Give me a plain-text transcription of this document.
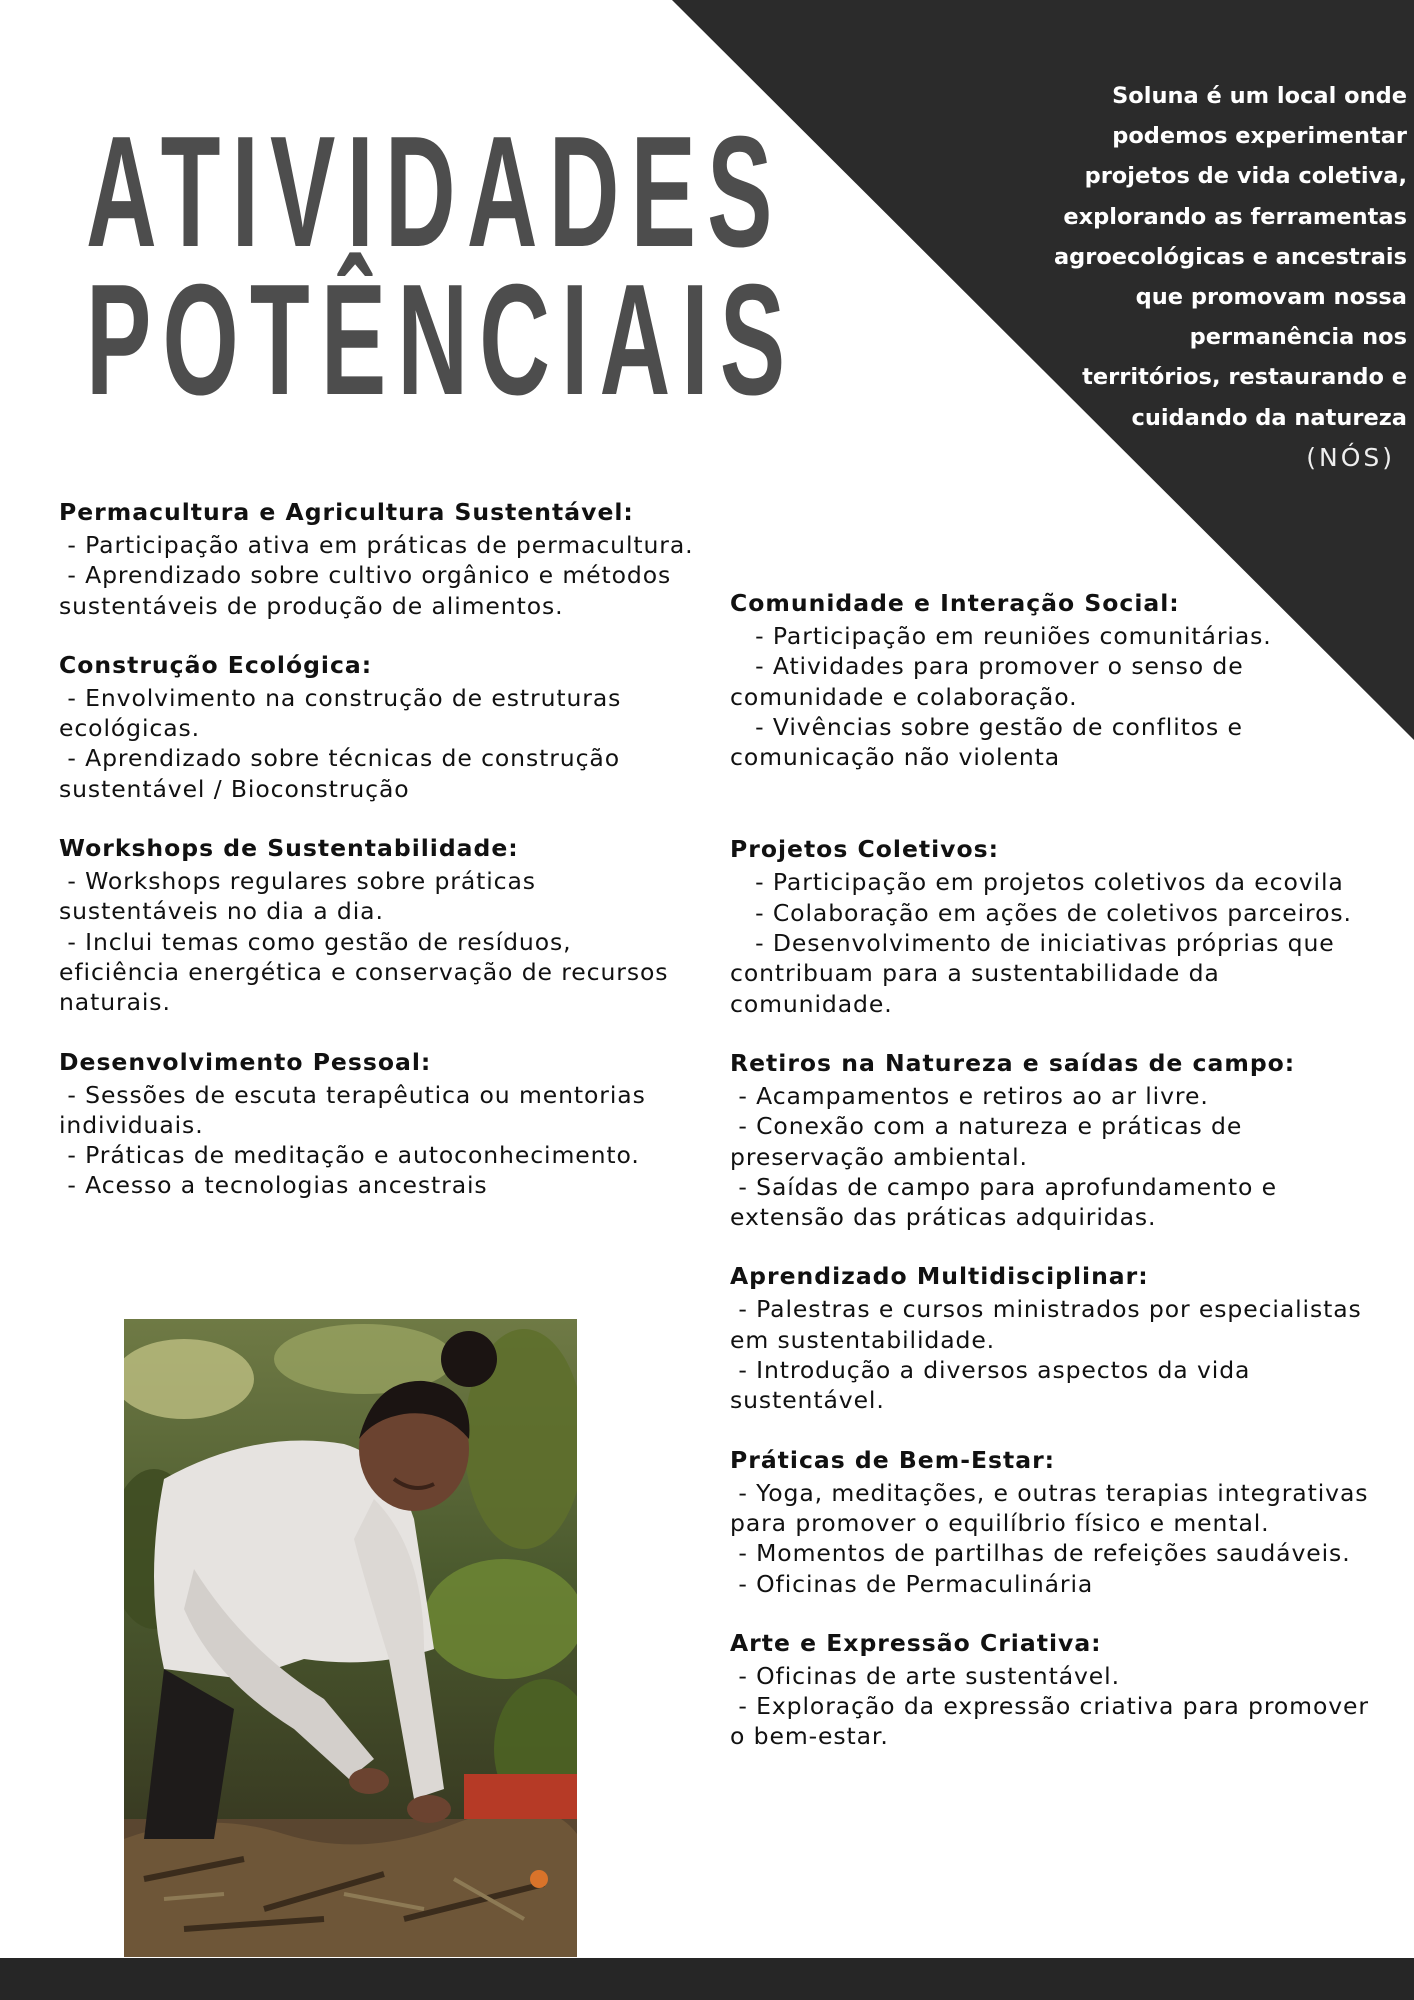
ATIVIDADES
POTÊNCIAIS

Soluna é um local onde
podemos experimentar
projetos de vida coletiva,
explorando as ferramentas
agroecológicas e ancestrais
que promovam nossa
permanência nos
territórios, restaurando e
cuidando da natureza

(NÓS)

Permacultura e Agricultura Sustentável:

- Participação ativa em práticas de permacultura.

- Aprendizado sobre cultivo orgânico e métodos sustentáveis de produção de alimentos.

Construção Ecológica:

- Envolvimento na construção de estruturas ecológicas.

- Aprendizado sobre técnicas de construção sustentável / Bioconstrução

Workshops de Sustentabilidade:

- Workshops regulares sobre práticas sustentáveis no dia a dia.

- Inclui temas como gestão de resíduos, eficiência energética e conservação de recursos naturais.

Desenvolvimento Pessoal:

- Sessões de escuta terapêutica ou mentorias individuais.

- Práticas de meditação e autoconhecimento.

- Acesso a tecnologias ancestrais

Comunidade e Interação Social:

- Participação em reuniões comunitárias.

- Atividades para promover o senso de comunidade e colaboração.

- Vivências sobre gestão de conflitos e comunicação não violenta

Projetos Coletivos:

- Participação em projetos coletivos da ecovila

- Colaboração em ações de coletivos parceiros.

- Desenvolvimento de iniciativas próprias que contribuam para a sustentabilidade da comunidade.

Retiros na Natureza e saídas de campo:

- Acampamentos e retiros ao ar livre.

- Conexão com a natureza e práticas de preservação ambiental.

- Saídas de campo para aprofundamento e extensão das práticas adquiridas.

Aprendizado Multidisciplinar:

- Palestras e cursos ministrados por especialistas em sustentabilidade.

- Introdução a diversos aspectos da vida sustentável.

Práticas de Bem-Estar:

- Yoga, meditações, e outras terapias integrativas para promover o equilíbrio físico e mental.

- Momentos de partilhas de refeições saudáveis.

- Oficinas de Permaculinária

Arte e Expressão Criativa:

- Oficinas de arte sustentável.

- Exploração da expressão criativa para promover o bem-estar.
